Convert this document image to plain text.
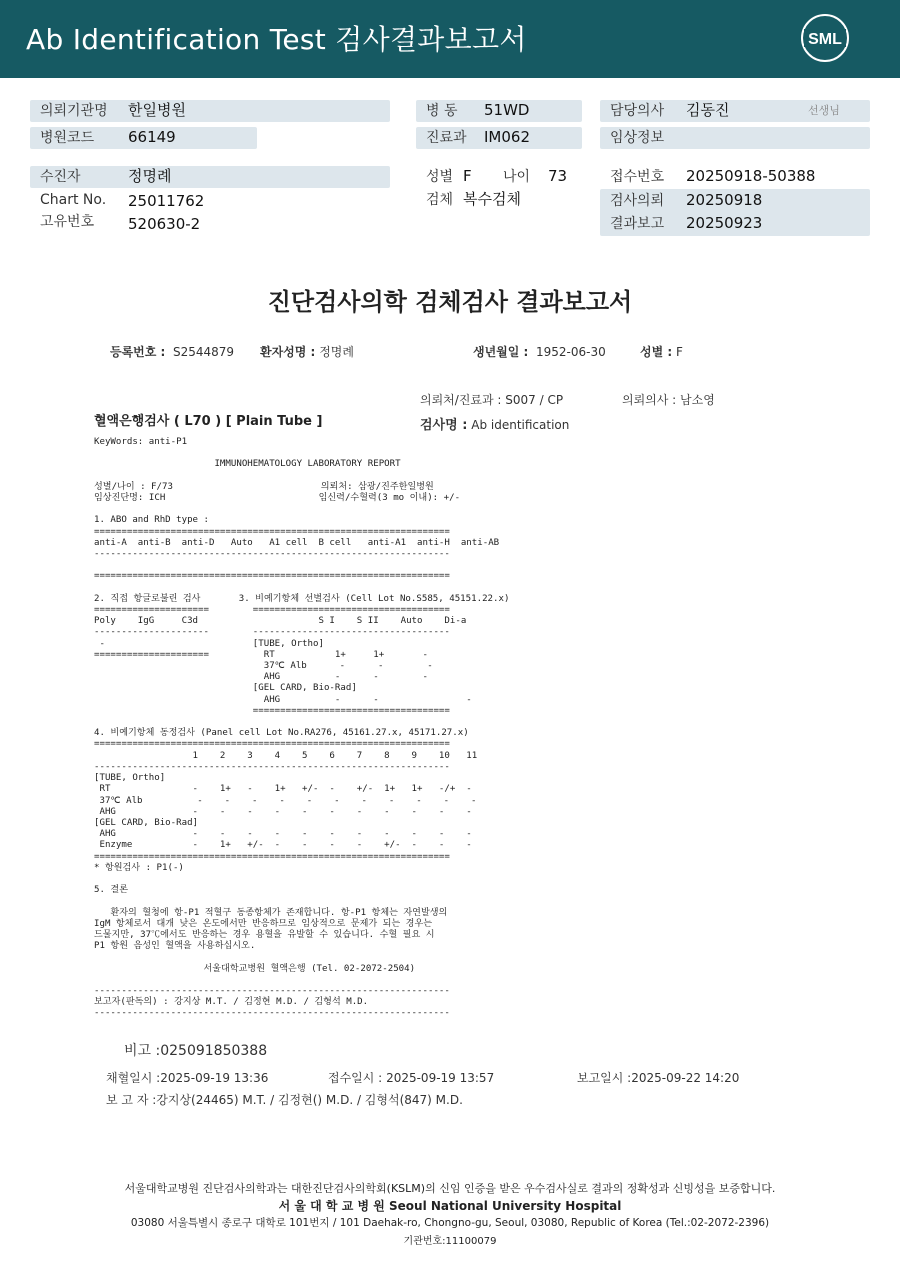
Ab Identification Test 검사결과보고서	SML
의뢰기관명 한일병원
병원코드 66149
수진자	정명례
Chart No. 25011762
고유번호 520630-2
병 동 51WD
진료과 IM062
성별 F 나이 73
검체 복수검체
담당의사 김동진	선생님
임상정보
접수번호 20250918-50388
검사의뢰 20250918
결과보고 20250923
진단검사의학 검체검사 결과보고서
등록번호 : S2544879 환자성명 : 정명례	생년월일 : 1952-06-30	성별 : F
의뢰처/진료과 : S007 / CP	의뢰의사 : 남소영
혈액은행검사 ( L70 ) [ Plain Tube ]	검사명 : Ab identification
KeyWords: anti-P1

IMMUNOHEMATOLOGY LABORATORY REPORT

성별/나이 : F/73                           의뢰처: 삼광/진주한일병원
임상진단명: ICH                            임신력/수혈력(3 mo 이내): +/-

1. ABO and RhD type :
=================================================================
anti-A  anti-B  anti-D   Auto   A1 cell  B cell   anti-A1  anti-H  anti-AB
-----------------------------------------------------------------

=================================================================

2. 직접 항글로불린 검사       3. 비예기항체 선별검사 (Cell Lot No.S585, 45151.22.x)
=====================        ====================================
Poly    IgG     C3d                      S I    S II    Auto    Di-a
---------------------        ------------------------------------
-                           [TUBE, Ortho]
=====================          RT           1+     1+       -
37℃ Alb      -      -        -
AHG          -      -        -
[GEL CARD, Bio-Rad]
AHG          -      -                -
====================================

4. 비예기항체 동정검사 (Panel cell Lot No.RA276, 45161.27.x, 45171.27.x)
=================================================================
1    2    3    4    5    6    7    8    9    10   11
-----------------------------------------------------------------
[TUBE, Ortho]
RT               -    1+   -    1+   +/-  -    +/-  1+   1+   -/+  -
37℃ Alb          -    -    -    -    -    -    -    -    -    -    -
AHG              -    -    -    -    -    -    -    -    -    -    -
[GEL CARD, Bio-Rad]
AHG              -    -    -    -    -    -    -    -    -    -    -
Enzyme           -    1+   +/-  -    -    -    -    +/-  -    -    -
=================================================================
* 항원검사 : P1(-)

5. 결론

환자의 혈청에 항-P1 적혈구 동종항체가 존재합니다. 항-P1 항체는 자연발생의
IgM 항체로서 대개 낮은 온도에서만 반응하므로 임상적으로 문제가 되는 경우는
드물지만, 37℃에서도 반응하는 경우 용혈을 유발할 수 있습니다. 수혈 필요 시
P1 항원 음성인 혈액을 사용하십시오.

서울대학교병원 혈액은행 (Tel. 02-2072-2504)

-----------------------------------------------------------------
보고자(판독의) : 강지상 M.T. / 김정현 M.D. / 김형석 M.D.
-----------------------------------------------------------------
비고 :025091850388
채혈일시 :2025-09-19 13:36	접수일시 : 2025-09-19 13:57	보고일시 :2025-09-22 14:20
보 고 자 :강지상(24465) M.T. / 김정현() M.D. / 김형석(847) M.D.
서울대학교병원 진단검사의학과는 대한진단검사의학회(KSLM)의 신임 인증을 받은 우수검사실로 결과의 정확성과 신빙성을 보증합니다.
서 울 대 학 교 병 원 Seoul National University Hospital
03080 서울특별시 종로구 대학로 101번지 / 101 Daehak-ro, Chongno-gu, Seoul, 03080, Republic of Korea (Tel.:02-2072-2396)
기관번호:11100079
